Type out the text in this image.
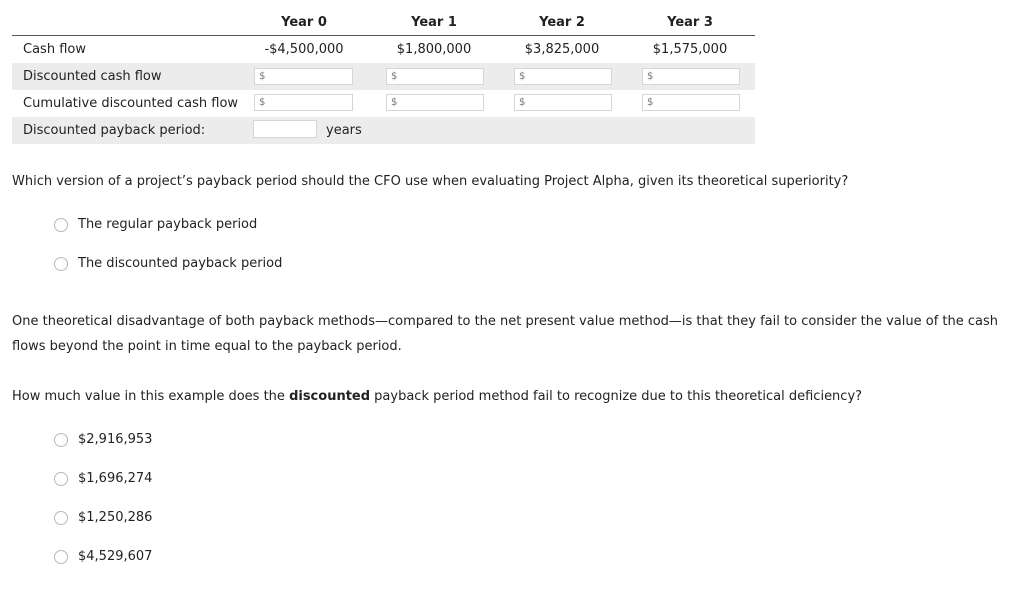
Year 0	Year 1	Year 2	Year 3
Cash flow	-$4,500,000	$1,800,000	$3,825,000	$1,575,000
Discounted cash flow	$	$	$	$
Cumulative discounted cash flow	$	$	$	$
Discounted payback period:	years
Which version of a project’s payback period should the CFO use when evaluating Project Alpha, given its theoretical superiority?
The regular payback period
The discounted payback period
One theoretical disadvantage of both payback methods—compared to the net present value method—is that they fail to consider the value of the cash
flows beyond the point in time equal to the payback period.
How much value in this example does the discounted payback period method fail to recognize due to this theoretical deficiency?
$2,916,953
$1,696,274
$1,250,286
$4,529,607
